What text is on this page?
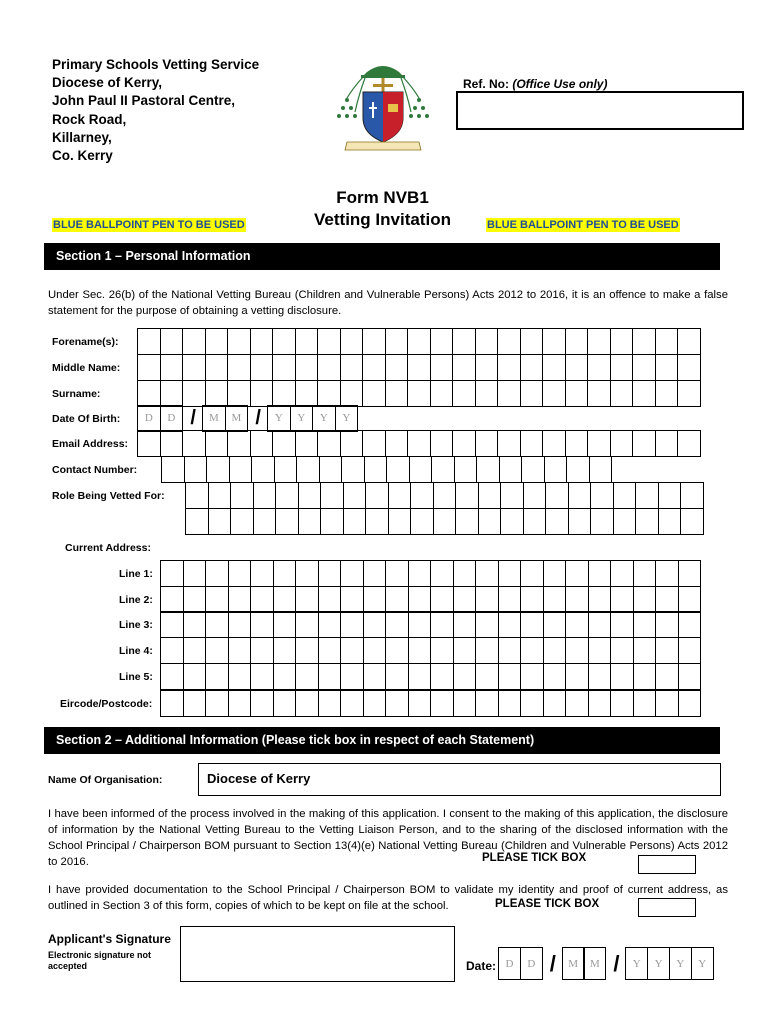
Primary Schools Vetting Service
Diocese of Kerry,
John Paul II Pastoral Centre,
Rock Road,
Killarney,
Co. Kerry
Ref. No: (Office Use only)
Form NVB1
Vetting Invitation
BLUE BALLPOINT PEN TO BE USED	BLUE BALLPOINT PEN TO BE USED
Section 1 – Personal Information
Under Sec. 26(b) of the National Vetting Bureau (Children and Vulnerable Persons) Acts 2012 to 2016, it is an offence to make a false statement for the purpose of obtaining a vetting disclosure.
Forename(s):
Middle Name:
Surname:
Date Of Birth:	D	D /	M	M /	Y	Y	Y	Y
Email Address:
Contact Number:
Role Being Vetted For:
Current Address:
Line 1:
Line 2:
Line 3:
Line 4:
Line 5:
Eircode/Postcode:
Section 2 – Additional Information (Please tick box in respect of each Statement)
Name Of Organisation:	Diocese of Kerry
I have been informed of the process involved in the making of this application. I consent to the making of this application, the disclosure of information by the National Vetting Bureau to the Vetting Liaison Person, and to the sharing of the disclosed information with the School Principal / Chairperson BOM pursuant to Section 13(4)(e) National Vetting Bureau (Children and Vulnerable Persons) Acts 2012 to 2016.	PLEASE TICK BOX
I have provided documentation to the School Principal / Chairperson BOM to validate my identity and proof of current address, as outlined in Section 3 of this form, copies of which to be kept on file at the school.	PLEASE TICK BOX
Applicant's Signature
Electronic signature not accepted	Date: D	D /	M	M /	Y	Y	Y	Y
